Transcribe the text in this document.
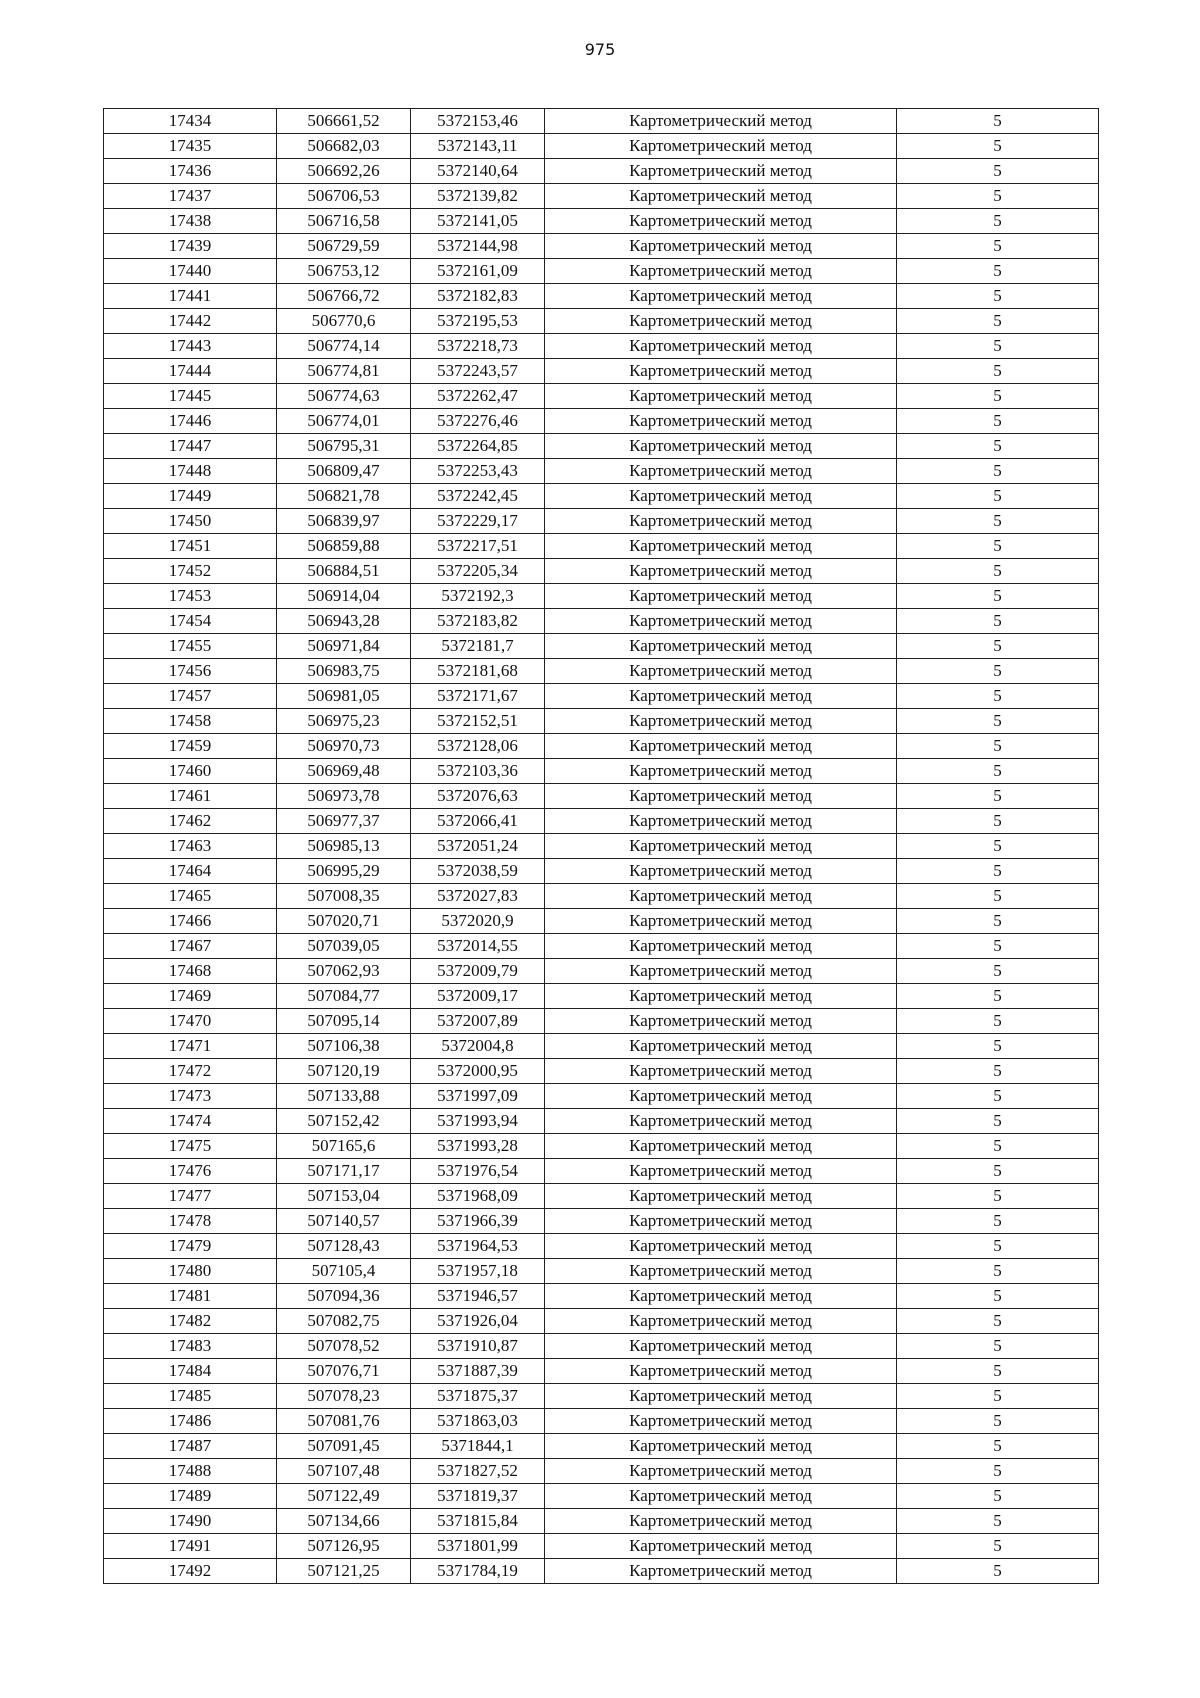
975
17434	506661,52	5372153,46	Картометрический метод	5
17435	506682,03	5372143,11	Картометрический метод	5
17436	506692,26	5372140,64	Картометрический метод	5
17437	506706,53	5372139,82	Картометрический метод	5
17438	506716,58	5372141,05	Картометрический метод	5
17439	506729,59	5372144,98	Картометрический метод	5
17440	506753,12	5372161,09	Картометрический метод	5
17441	506766,72	5372182,83	Картометрический метод	5
17442	506770,6	5372195,53	Картометрический метод	5
17443	506774,14	5372218,73	Картометрический метод	5
17444	506774,81	5372243,57	Картометрический метод	5
17445	506774,63	5372262,47	Картометрический метод	5
17446	506774,01	5372276,46	Картометрический метод	5
17447	506795,31	5372264,85	Картометрический метод	5
17448	506809,47	5372253,43	Картометрический метод	5
17449	506821,78	5372242,45	Картометрический метод	5
17450	506839,97	5372229,17	Картометрический метод	5
17451	506859,88	5372217,51	Картометрический метод	5
17452	506884,51	5372205,34	Картометрический метод	5
17453	506914,04	5372192,3	Картометрический метод	5
17454	506943,28	5372183,82	Картометрический метод	5
17455	506971,84	5372181,7	Картометрический метод	5
17456	506983,75	5372181,68	Картометрический метод	5
17457	506981,05	5372171,67	Картометрический метод	5
17458	506975,23	5372152,51	Картометрический метод	5
17459	506970,73	5372128,06	Картометрический метод	5
17460	506969,48	5372103,36	Картометрический метод	5
17461	506973,78	5372076,63	Картометрический метод	5
17462	506977,37	5372066,41	Картометрический метод	5
17463	506985,13	5372051,24	Картометрический метод	5
17464	506995,29	5372038,59	Картометрический метод	5
17465	507008,35	5372027,83	Картометрический метод	5
17466	507020,71	5372020,9	Картометрический метод	5
17467	507039,05	5372014,55	Картометрический метод	5
17468	507062,93	5372009,79	Картометрический метод	5
17469	507084,77	5372009,17	Картометрический метод	5
17470	507095,14	5372007,89	Картометрический метод	5
17471	507106,38	5372004,8	Картометрический метод	5
17472	507120,19	5372000,95	Картометрический метод	5
17473	507133,88	5371997,09	Картометрический метод	5
17474	507152,42	5371993,94	Картометрический метод	5
17475	507165,6	5371993,28	Картометрический метод	5
17476	507171,17	5371976,54	Картометрический метод	5
17477	507153,04	5371968,09	Картометрический метод	5
17478	507140,57	5371966,39	Картометрический метод	5
17479	507128,43	5371964,53	Картометрический метод	5
17480	507105,4	5371957,18	Картометрический метод	5
17481	507094,36	5371946,57	Картометрический метод	5
17482	507082,75	5371926,04	Картометрический метод	5
17483	507078,52	5371910,87	Картометрический метод	5
17484	507076,71	5371887,39	Картометрический метод	5
17485	507078,23	5371875,37	Картометрический метод	5
17486	507081,76	5371863,03	Картометрический метод	5
17487	507091,45	5371844,1	Картометрический метод	5
17488	507107,48	5371827,52	Картометрический метод	5
17489	507122,49	5371819,37	Картометрический метод	5
17490	507134,66	5371815,84	Картометрический метод	5
17491	507126,95	5371801,99	Картометрический метод	5
17492	507121,25	5371784,19	Картометрический метод	5
